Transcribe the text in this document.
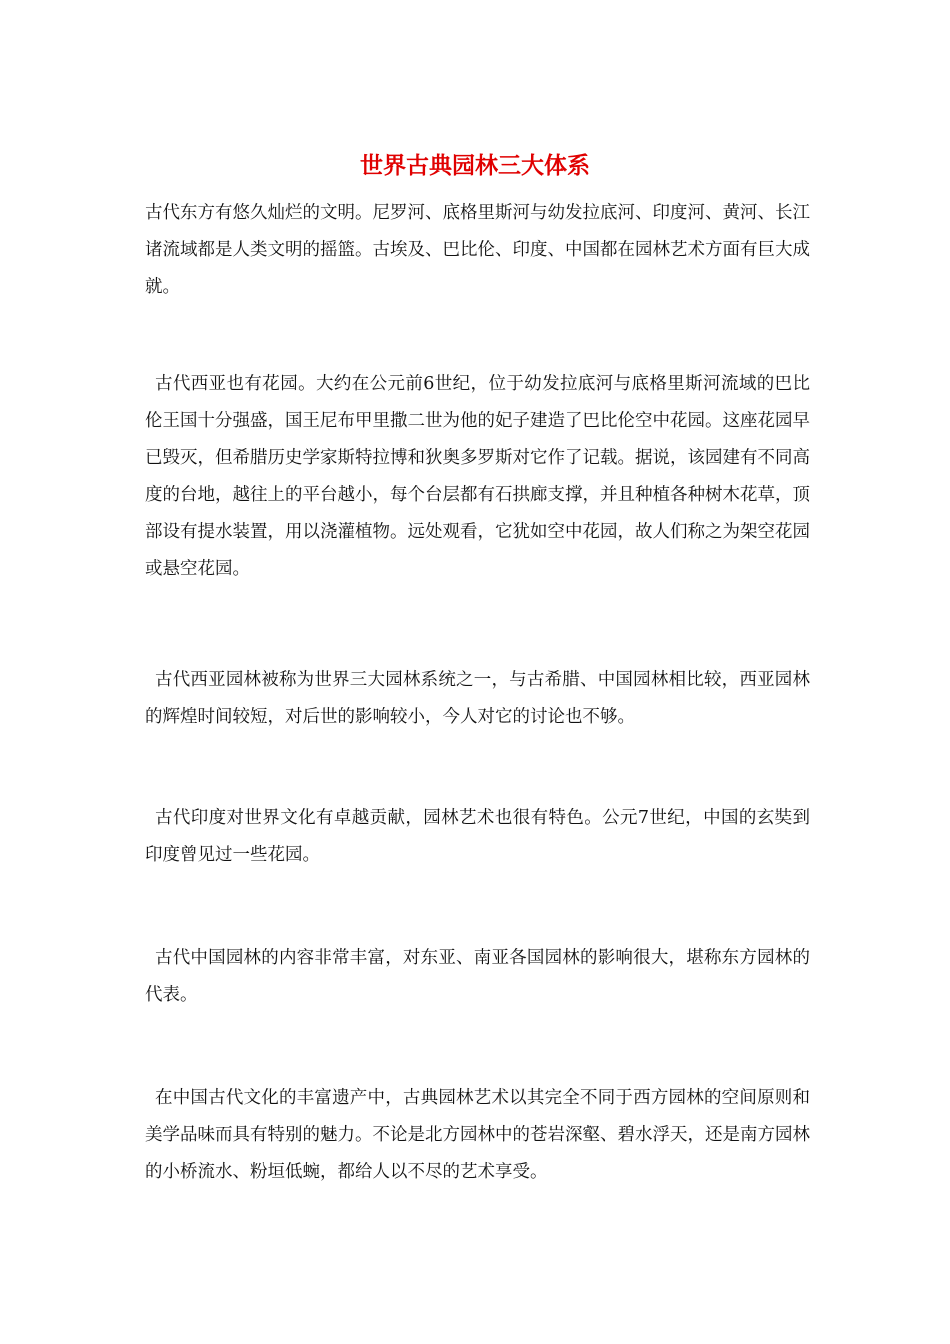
世界古典园林三大体系

古代东方有悠久灿烂的文明。尼罗河、底格里斯河与幼发拉底河、印度河、黄河、长江诸流域都是人类文明的摇篮。古埃及、巴比伦、印度、中国都在园林艺术方面有巨大成就。

古代西亚也有花园。大约在公元前6世纪，位于幼发拉底河与底格里斯河流域的巴比伦王国十分强盛，国王尼布甲里撒二世为他的妃子建造了巴比伦空中花园。这座花园早已毁灭，但希腊历史学家斯特拉博和狄奥多罗斯对它作了记载。据说，该园建有不同高度的台地，越往上的平台越小，每个台层都有石拱廊支撑，并且种植各种树木花草，顶部设有提水装置，用以浇灌植物。远处观看，它犹如空中花园，故人们称之为架空花园或悬空花园。

古代西亚园林被称为世界三大园林系统之一，与古希腊、中国园林相比较，西亚园林的辉煌时间较短，对后世的影响较小，今人对它的讨论也不够。

古代印度对世界文化有卓越贡献，园林艺术也很有特色。公元7世纪，中国的玄奘到印度曾见过一些花园。

古代中国园林的内容非常丰富，对东亚、南亚各国园林的影响很大，堪称东方园林的代表。

在中国古代文化的丰富遗产中，古典园林艺术以其完全不同于西方园林的空间原则和美学品味而具有特别的魅力。不论是北方园林中的苍岩深壑、碧水浮天，还是南方园林的小桥流水、粉垣低蜿，都给人以不尽的艺术享受。
